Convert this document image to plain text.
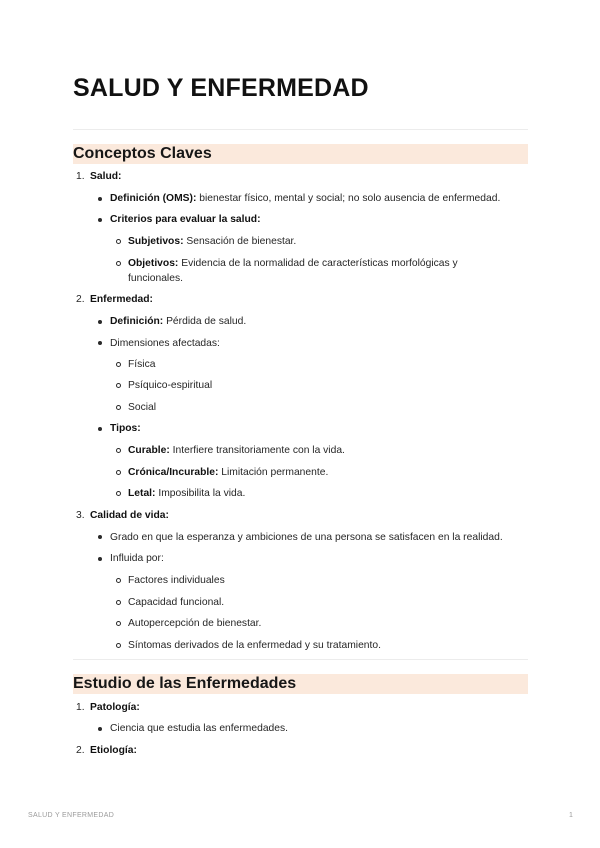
SALUD Y ENFERMEDAD
Conceptos Claves
1. Salud:
Definición (OMS): bienestar físico, mental y social; no solo ausencia de enfermedad.
Criterios para evaluar la salud:
Subjetivos: Sensación de bienestar.
Objetivos: Evidencia de la normalidad de características morfológicas y funcionales.
2. Enfermedad:
Definición: Pérdida de salud.
Dimensiones afectadas:
Física
Psíquico-espiritual
Social
Tipos:
Curable: Interfiere transitoriamente con la vida.
Crónica/Incurable: Limitación permanente.
Letal: Imposibilita la vida.
3. Calidad de vida:
Grado en que la esperanza y ambiciones de una persona se satisfacen en la realidad.
Influida por:
Factores individuales
Capacidad funcional.
Autopercepción de bienestar.
Síntomas derivados de la enfermedad y su tratamiento.
Estudio de las Enfermedades
1. Patología:
Ciencia que estudia las enfermedades.
2. Etiología:
SALUD Y ENFERMEDAD	1
